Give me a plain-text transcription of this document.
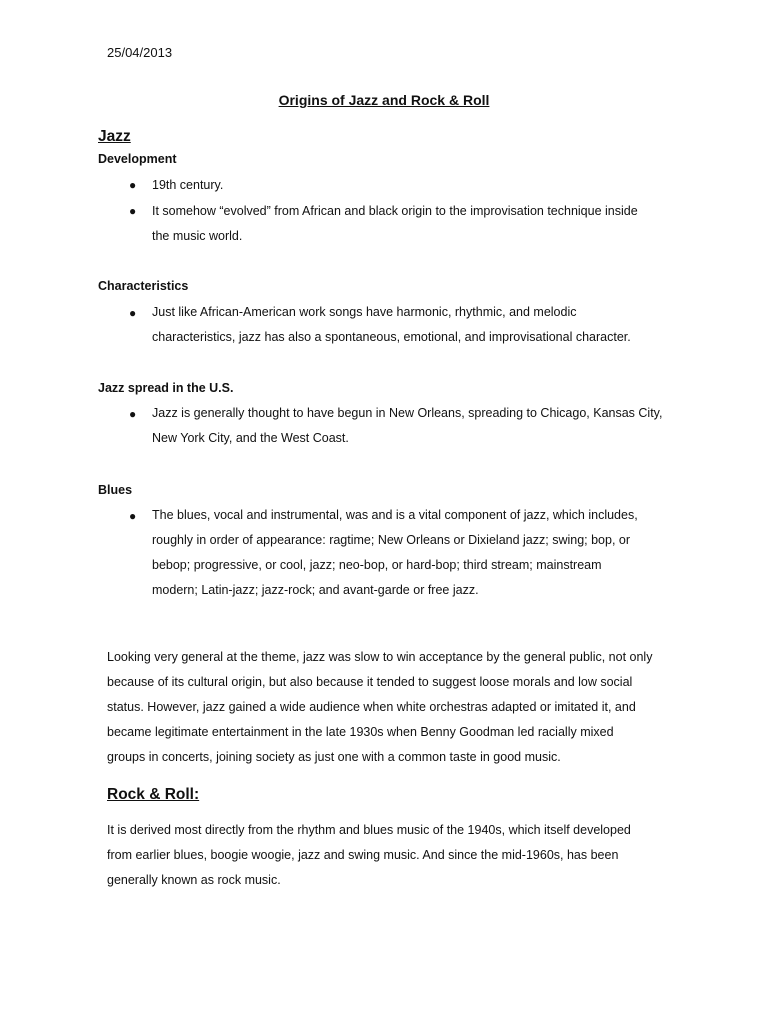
25/04/2013
Origins of Jazz and Rock & Roll
Jazz
Development
● 19th century.
● It somehow “evolved” from African and black origin to the improvisation technique inside
the music world.
Characteristics
● Just like African-American work songs have harmonic, rhythmic, and melodic
characteristics, jazz has also a spontaneous, emotional, and improvisational character.
Jazz spread in the U.S.
● Jazz is generally thought to have begun in New Orleans, spreading to Chicago, Kansas City,
New York City, and the West Coast.
Blues
● The blues, vocal and instrumental, was and is a vital component of jazz, which includes,
roughly in order of appearance: ragtime; New Orleans or Dixieland jazz; swing; bop, or
bebop; progressive, or cool, jazz; neo-bop, or hard-bop; third stream; mainstream
modern; Latin-jazz; jazz-rock; and avant-garde or free jazz.
Looking very general at the theme, jazz was slow to win acceptance by the general public, not only
because of its cultural origin, but also because it tended to suggest loose morals and low social
status. However, jazz gained a wide audience when white orchestras adapted or imitated it, and
became legitimate entertainment in the late 1930s when Benny Goodman led racially mixed
groups in concerts, joining society as just one with a common taste in good music.
Rock & Roll:
It is derived most directly from the rhythm and blues music of the 1940s, which itself developed
from earlier blues, boogie woogie, jazz and swing music. And since the mid-1960s, has been
generally known as rock music.
